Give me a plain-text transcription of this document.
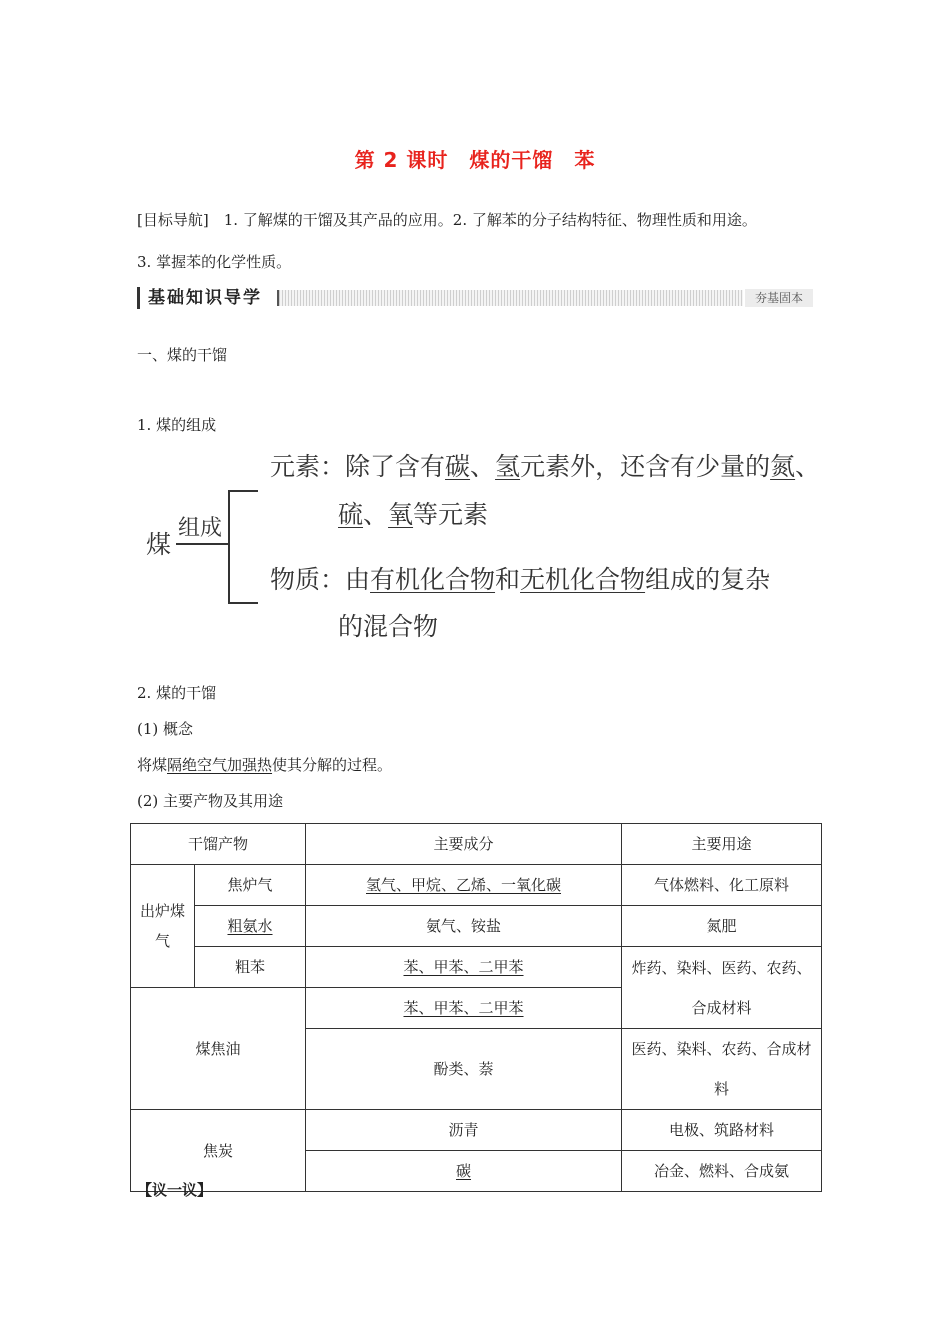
第 2 课时　煤的干馏　苯
[目标导航]　1. 了解煤的干馏及其产品的应用。2. 了解苯的分子结构特征、物理性质和用途。
3. 掌握苯的化学性质。
基础知识导学	夯基固本
一、煤的干馏
1. 煤的组成
煤
组成
元素：除了含有碳、氢元素外，还含有少量的氮、
硫、氧等元素
物质：由有机化合物和无机化合物组成的复杂
的混合物
2. 煤的干馏
(1) 概念
将煤隔绝空气加强热使其分解的过程。
(2) 主要产物及其用途
干馏产物		主要成分	主要用途
出炉煤气	焦炉气	氢气、甲烷、乙烯、一氧化碳	气体燃料、化工原料
	粗氨水	氨气、铵盐	氮肥
	粗苯	苯、甲苯、二甲苯	炸药、染料、医药、农药、合成材料
煤焦油		苯、甲苯、二甲苯	
		酚类、萘	医药、染料、农药、合成材料
焦炭		沥青	电极、筑路材料
		碳	冶金、燃料、合成氨
【议一议】
